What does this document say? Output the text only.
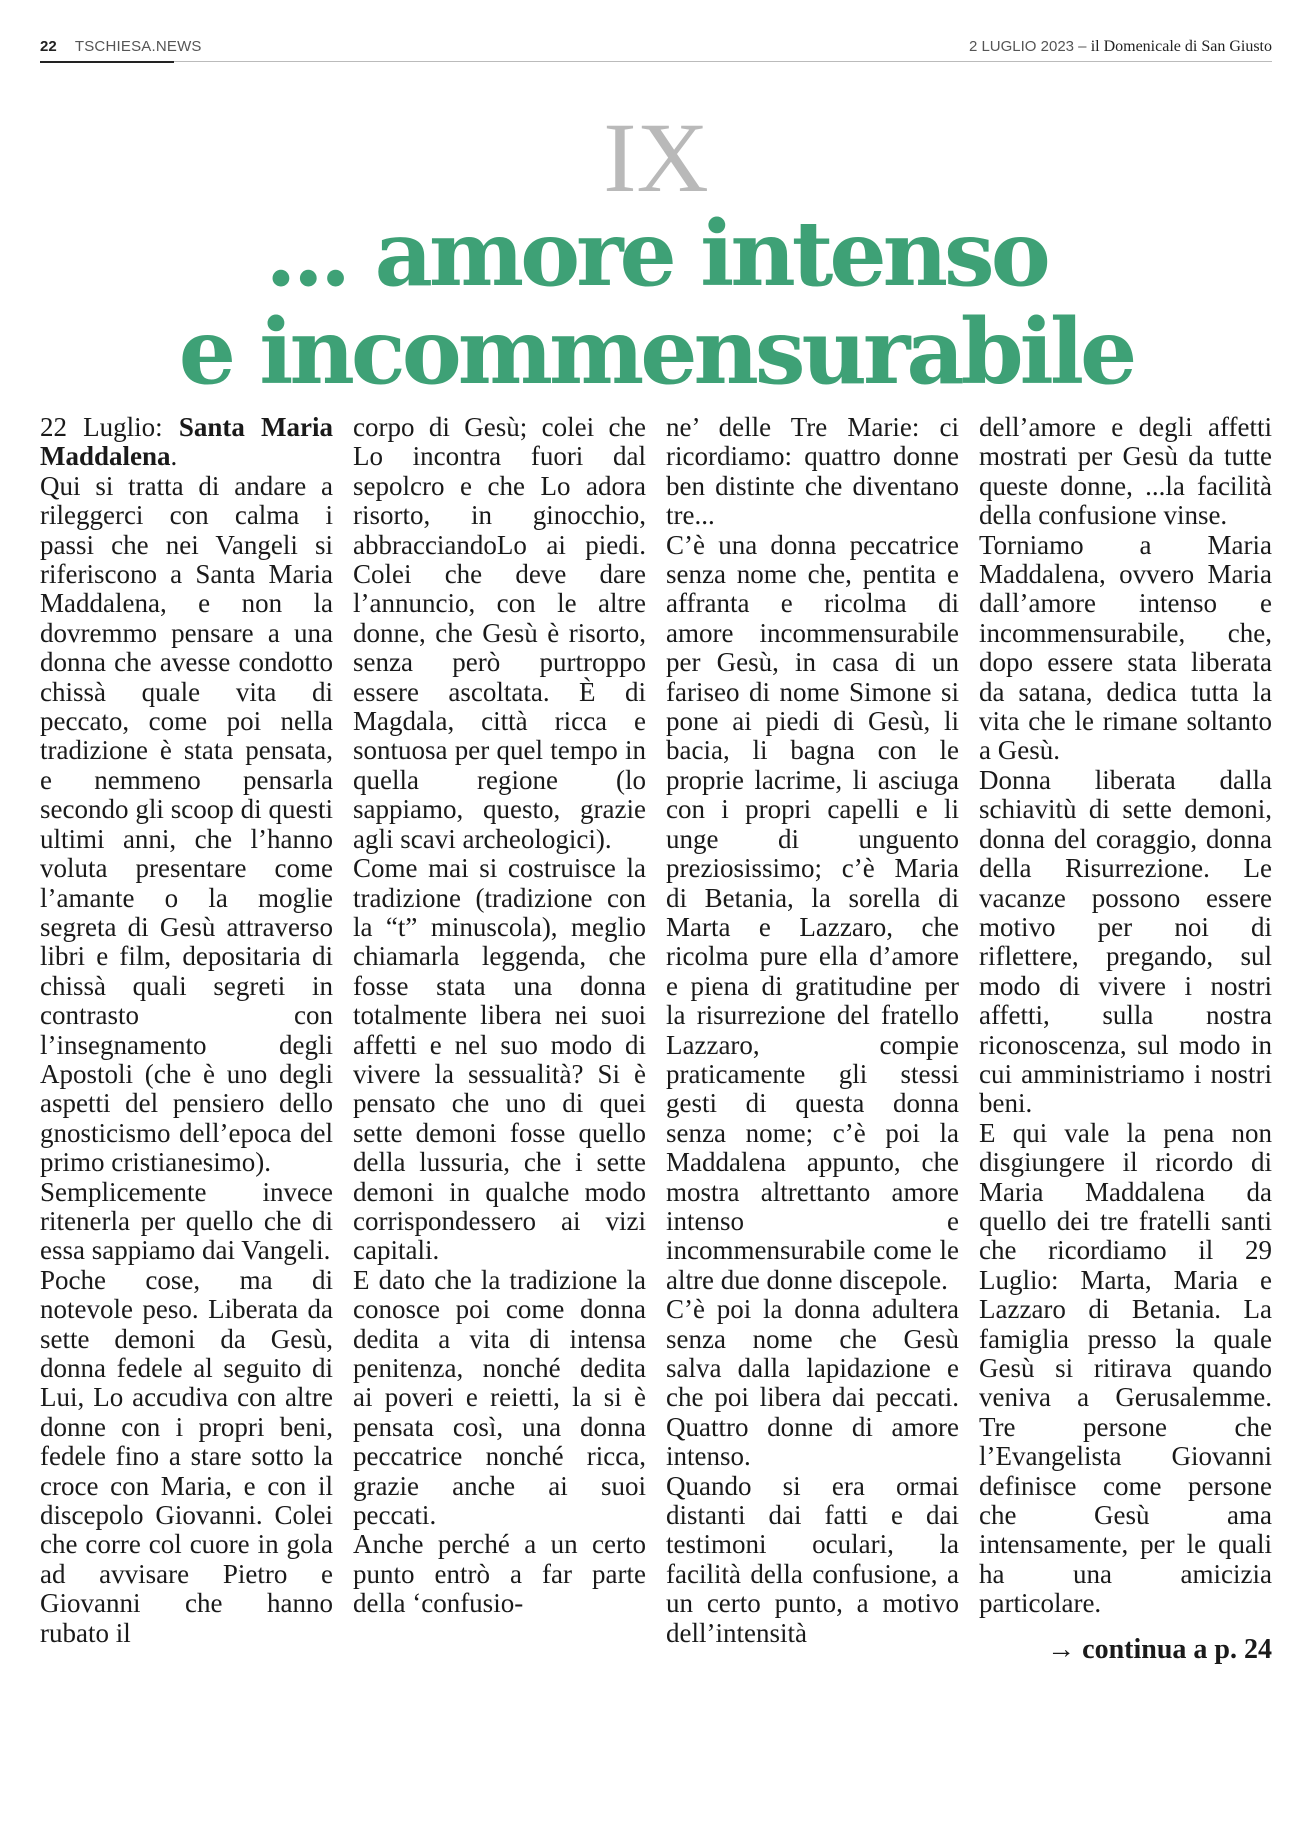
22 TSCHIESA.NEWS	2 LUGLIO 2023 – il Domenicale di San Giusto
IX
... amore intenso
e incommensurabile

22 Luglio: Santa Maria Maddalena.

Qui si tratta di andare a rileggerci con calma i passi che nei Vangeli si riferiscono a Santa Maria Maddalena, e non la dovremmo pensare a una donna che avesse condotto chissà quale vita di peccato, come poi nella tradizione è stata pensata, e nemmeno pensarla secondo gli scoop di questi ultimi anni, che l’hanno voluta presentare come l’amante o la moglie segreta di Gesù attraverso libri e film, depositaria di chissà quali segreti in contrasto con l’insegnamento degli Apostoli (che è uno degli aspetti del pensiero dello gnosticismo dell’epoca del primo cristianesimo).

Semplicemente invece ritenerla per quello che di essa sappiamo dai Vangeli.

Poche cose, ma di notevole peso. Liberata da sette demoni da Gesù, donna fedele al seguito di Lui, Lo accudiva con altre donne con i propri beni, fedele fino a stare sotto la croce con Maria, e con il discepolo Giovanni. Colei che corre col cuore in gola ad avvisare Pietro e Giovanni che hanno rubato il

corpo di Gesù; colei che Lo incontra fuori dal sepolcro e che Lo adora risorto, in ginocchio, abbracciandoLo ai piedi. Colei che deve dare l’annuncio, con le altre donne, che Gesù è risorto, senza però purtroppo essere ascoltata. È di Magdala, città ricca e sontuosa per quel tempo in quella regione (lo sappiamo, questo, grazie agli scavi archeologici).

Come mai si costruisce la tradizione (tradizione con la “t” minuscola), meglio chiamarla leggenda, che fosse stata una donna totalmente libera nei suoi affetti e nel suo modo di vivere la sessualità? Si è pensato che uno di quei sette demoni fosse quello della lussuria, che i sette demoni in qualche modo corrispondessero ai vizi capitali.

E dato che la tradizione la conosce poi come donna dedita a vita di intensa penitenza, nonché dedita ai poveri e reietti, la si è pensata così, una donna peccatrice nonché ricca, grazie anche ai suoi peccati.

Anche perché a un certo punto entrò a far parte della ‘confusio-

ne’ delle Tre Marie: ci ricordiamo: quattro donne ben distinte che diventano tre...

C’è una donna peccatrice senza nome che, pentita e affranta e ricolma di amore incommensurabile per Gesù, in casa di un fariseo di nome Simone si pone ai piedi di Gesù, li bacia, li bagna con le proprie lacrime, li asciuga con i propri capelli e li unge di unguento preziosissimo; c’è Maria di Betania, la sorella di Marta e Lazzaro, che ricolma pure ella d’amore e piena di gratitudine per la risurrezione del fratello Lazzaro, compie praticamente gli stessi gesti di questa donna senza nome; c’è poi la Maddalena appunto, che mostra altrettanto amore intenso e incommensurabile come le altre due donne discepole.

C’è poi la donna adultera senza nome che Gesù salva dalla lapidazione e che poi libera dai peccati. Quattro donne di amore intenso.

Quando si era ormai distanti dai fatti e dai testimoni oculari, la facilità della confusione, a un certo punto, a motivo dell’intensità

dell’amore e degli affetti mostrati per Gesù da tutte queste donne, ...la facilità della confusione vinse.

Torniamo a Maria Maddalena, ovvero Maria dall’amore intenso e incommensurabile, che, dopo essere stata liberata da satana, dedica tutta la vita che le rimane soltanto a Gesù.

Donna liberata dalla schiavitù di sette demoni, donna del coraggio, donna della Risurrezione. Le vacanze possono essere motivo per noi di riflettere, pregando, sul modo di vivere i nostri affetti, sulla nostra riconoscenza, sul modo in cui amministriamo i nostri beni.

E qui vale la pena non disgiungere il ricordo di Maria Maddalena da quello dei tre fratelli santi che ricordiamo il 29 Luglio: Marta, Maria e Lazzaro di Betania. La famiglia presso la quale Gesù si ritirava quando veniva a Gerusalemme. Tre persone che l’Evangelista Giovanni definisce come persone che Gesù ama intensamente, per le quali ha una amicizia particolare.

→ continua a p. 24
